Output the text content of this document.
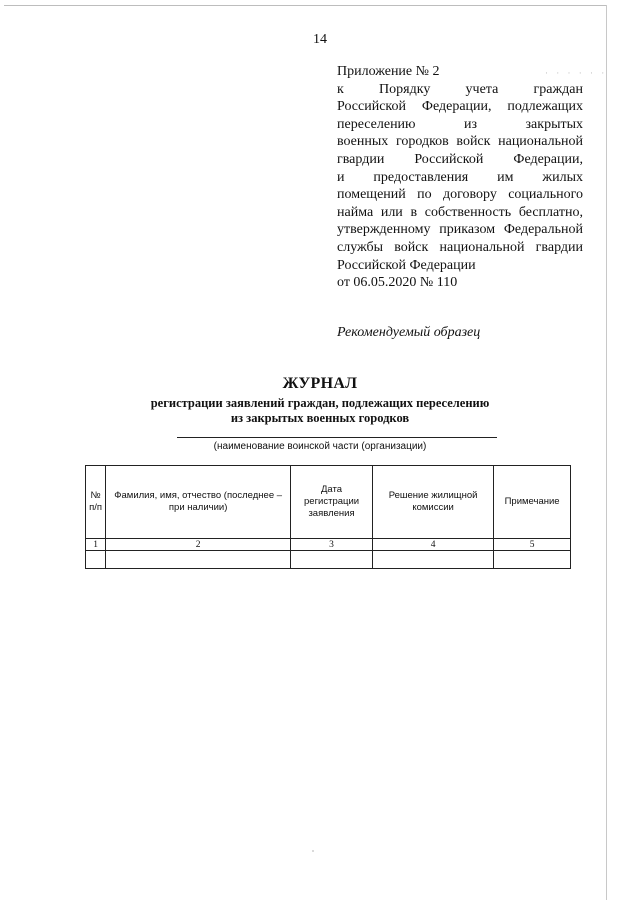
14
· · · · · ·
Приложение № 2
к Порядку учета граждан
Российской Федерации, подлежащих
переселению из закрытых
военных городков войск национальной
гвардии Российской Федерации,
и предоставления им жилых
помещений по договору социального
найма или в собственность бесплатно,
утвержденному приказом Федеральной
службы войск национальной гвардии
Российской Федерации
от 06.05.2020 № 110
Рекомендуемый образец
ЖУРНАЛ
регистрации заявлений граждан, подлежащих переселению
из закрытых военных городков
(наименование воинской части (организации)
№ п/п	Фамилия, имя, отчество (последнее – при наличии)	Дата регистрации заявления	Решение жилищной комиссии	Примечание
1	2	3	4	5
